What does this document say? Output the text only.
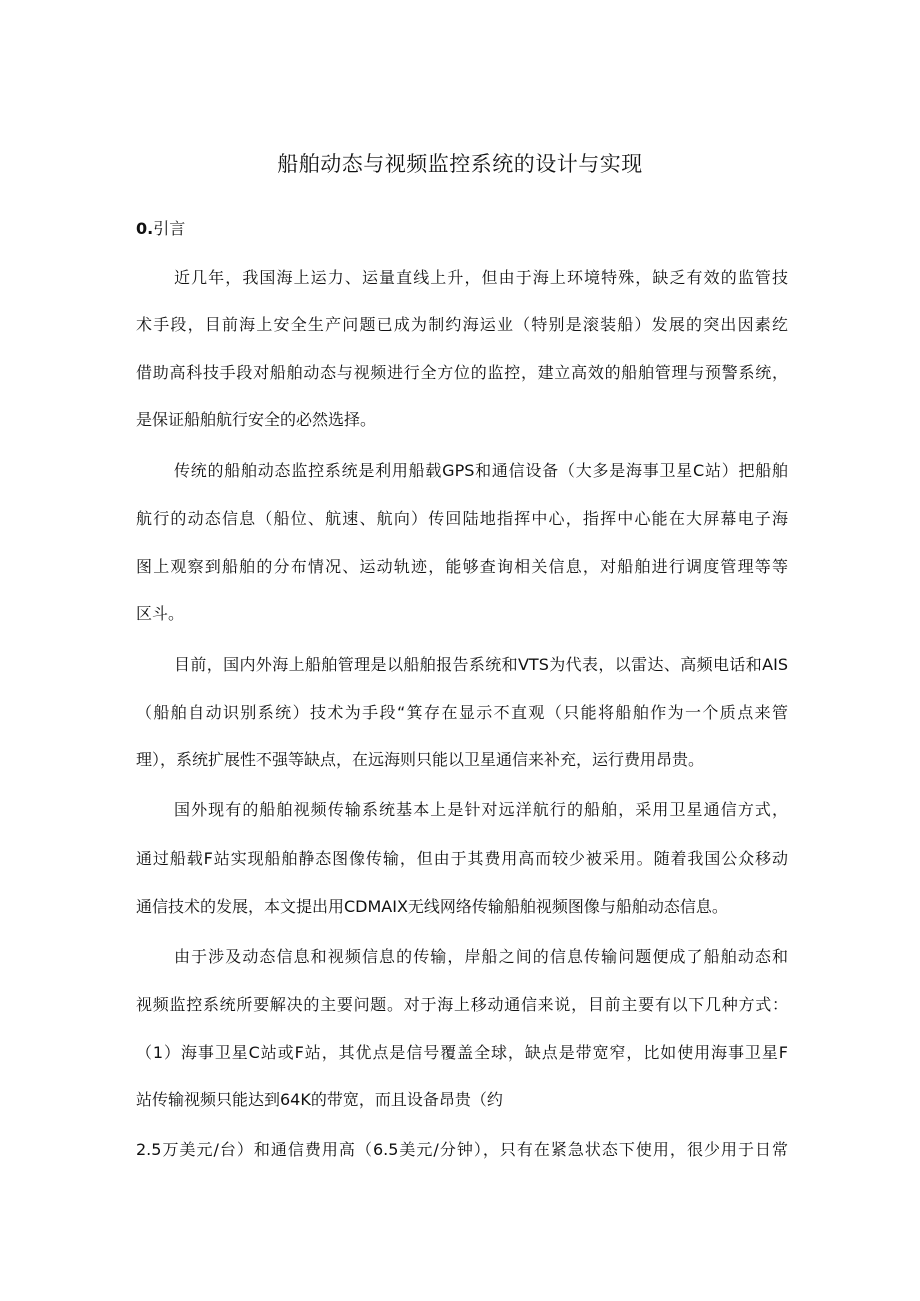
船舶动态与视频监控系统的设计与实现
0.引言

近几年，我国海上运力、运量直线上升，但由于海上环境特殊，缺乏有效的监管技

术手段，目前海上安全生产问题已成为制约海运业（特别是滚装船）发展的突出因素纥

借助高科技手段对船舶动态与视频进行全方位的监控，建立高效的船舶管理与预警系统，

是保证船舶航行安全的必然选择。

传统的船舶动态监控系统是利用船载GPS和通信设备（大多是海事卫星C站）把船舶

航行的动态信息（船位、航速、航向）传回陆地指挥中心，指挥中心能在大屏幕电子海

图上观察到船舶的分布情况、运动轨迹，能够查询相关信息，对船舶进行调度管理等等

区斗。

目前，国内外海上船舶管理是以船舶报告系统和VTS为代表，以雷达、高频电话和AIS

（船舶自动识别系统）技术为手段“箕存在显示不直观（只能将船舶作为一个质点来管

理），系统扩展性不强等缺点，在远海则只能以卫星通信来补充，运行费用昂贵。

国外现有的船舶视频传输系统基本上是针对远洋航行的船舶，采用卫星通信方式，

通过船载F站实现船舶静态图像传输，但由于其费用高而较少被采用。随着我国公众移动

通信技术的发展，本文提出用CDMAIX无线网络传输船舶视频图像与船舶动态信息。

由于涉及动态信息和视频信息的传输，岸船之间的信息传输问题便成了船舶动态和

视频监控系统所要解决的主要问题。对于海上移动通信来说，目前主要有以下几种方式：

（1）海事卫星C站或F站，其优点是信号覆盖全球，缺点是带宽窄，比如使用海事卫星F

站传输视频只能达到64K的带宽，而且设备昂贵（约

2.5万美元/台）和通信费用高（6.5美元/分钟），只有在紧急状态下使用，很少用于日常
